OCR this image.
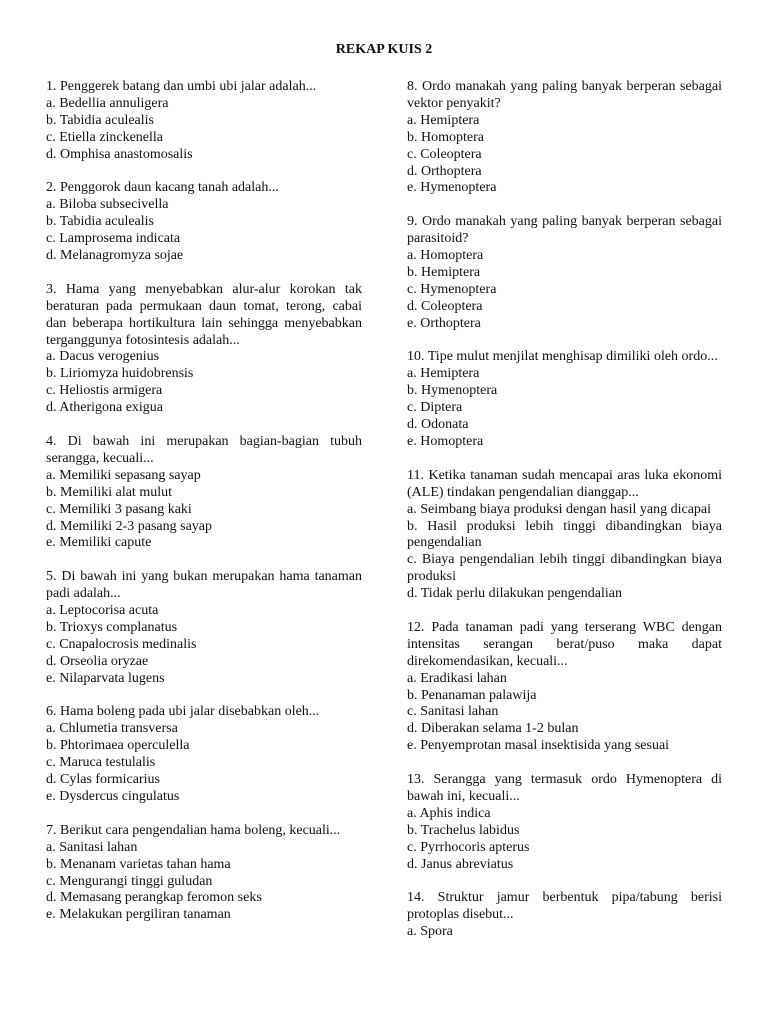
REKAP KUIS 2
1. Penggerek batang dan umbi ubi jalar adalah...
a. Bedellia annuligera
b. Tabidia aculealis
c. Etiella zinckenella
d. Omphisa anastomosalis
2. Penggorok daun kacang tanah adalah...
a. Biloba subsecivella
b. Tabidia aculealis
c. Lamprosema indicata
d. Melanagromyza sojae
3. Hama yang menyebabkan alur-alur korokan tak beraturan pada permukaan daun tomat, terong, cabai dan beberapa hortikultura lain sehingga menyebabkan terganggunya fotosintesis adalah...
a. Dacus verogenius
b. Liriomyza huidobrensis
c. Heliostis armigera
d. Atherigona exigua
4. Di bawah ini merupakan bagian-bagian tubuh serangga, kecuali...
a. Memiliki sepasang sayap
b. Memiliki alat mulut
c. Memiliki 3 pasang kaki
d. Memiliki 2-3 pasang sayap
e. Memiliki capute
5. Di bawah ini yang bukan merupakan hama tanaman padi adalah...
a. Leptocorisa acuta
b. Trioxys complanatus
c. Cnapalocrosis medinalis
d. Orseolia oryzae
e. Nilaparvata lugens
6. Hama boleng pada ubi jalar disebabkan oleh...
a. Chlumetia transversa
b. Phtorimaea operculella
c. Maruca testulalis
d. Cylas formicarius
e. Dysdercus cingulatus
7. Berikut cara pengendalian hama boleng, kecuali...
a. Sanitasi lahan
b. Menanam varietas tahan hama
c. Mengurangi tinggi guludan
d. Memasang perangkap feromon seks
e. Melakukan pergiliran tanaman
8. Ordo manakah yang paling banyak berperan sebagai vektor penyakit?
a. Hemiptera
b. Homoptera
c. Coleoptera
d. Orthoptera
e. Hymenoptera
9. Ordo manakah yang paling banyak berperan sebagai parasitoid?
a. Homoptera
b. Hemiptera
c. Hymenoptera
d. Coleoptera
e. Orthoptera
10. Tipe mulut menjilat menghisap dimiliki oleh ordo...
a. Hemiptera
b. Hymenoptera
c. Diptera
d. Odonata
e. Homoptera
11. Ketika tanaman sudah mencapai aras luka ekonomi (ALE) tindakan pengendalian dianggap...
a. Seimbang biaya produksi dengan hasil yang dicapai
b. Hasil produksi lebih tinggi dibandingkan biaya pengendalian
c. Biaya pengendalian lebih tinggi dibandingkan biaya produksi
d. Tidak perlu dilakukan pengendalian
12. Pada tanaman padi yang terserang WBC dengan intensitas serangan berat/puso maka dapat direkomendasikan, kecuali...
a. Eradikasi lahan
b. Penanaman palawija
c. Sanitasi lahan
d. Diberakan selama 1-2 bulan
e. Penyemprotan masal insektisida yang sesuai
13. Serangga yang termasuk ordo Hymenoptera di bawah ini, kecuali...
a. Aphis indica
b. Trachelus labidus
c. Pyrrhocoris apterus
d. Janus abreviatus
14. Struktur jamur berbentuk pipa/tabung berisi protoplas disebut...
a. Spora
